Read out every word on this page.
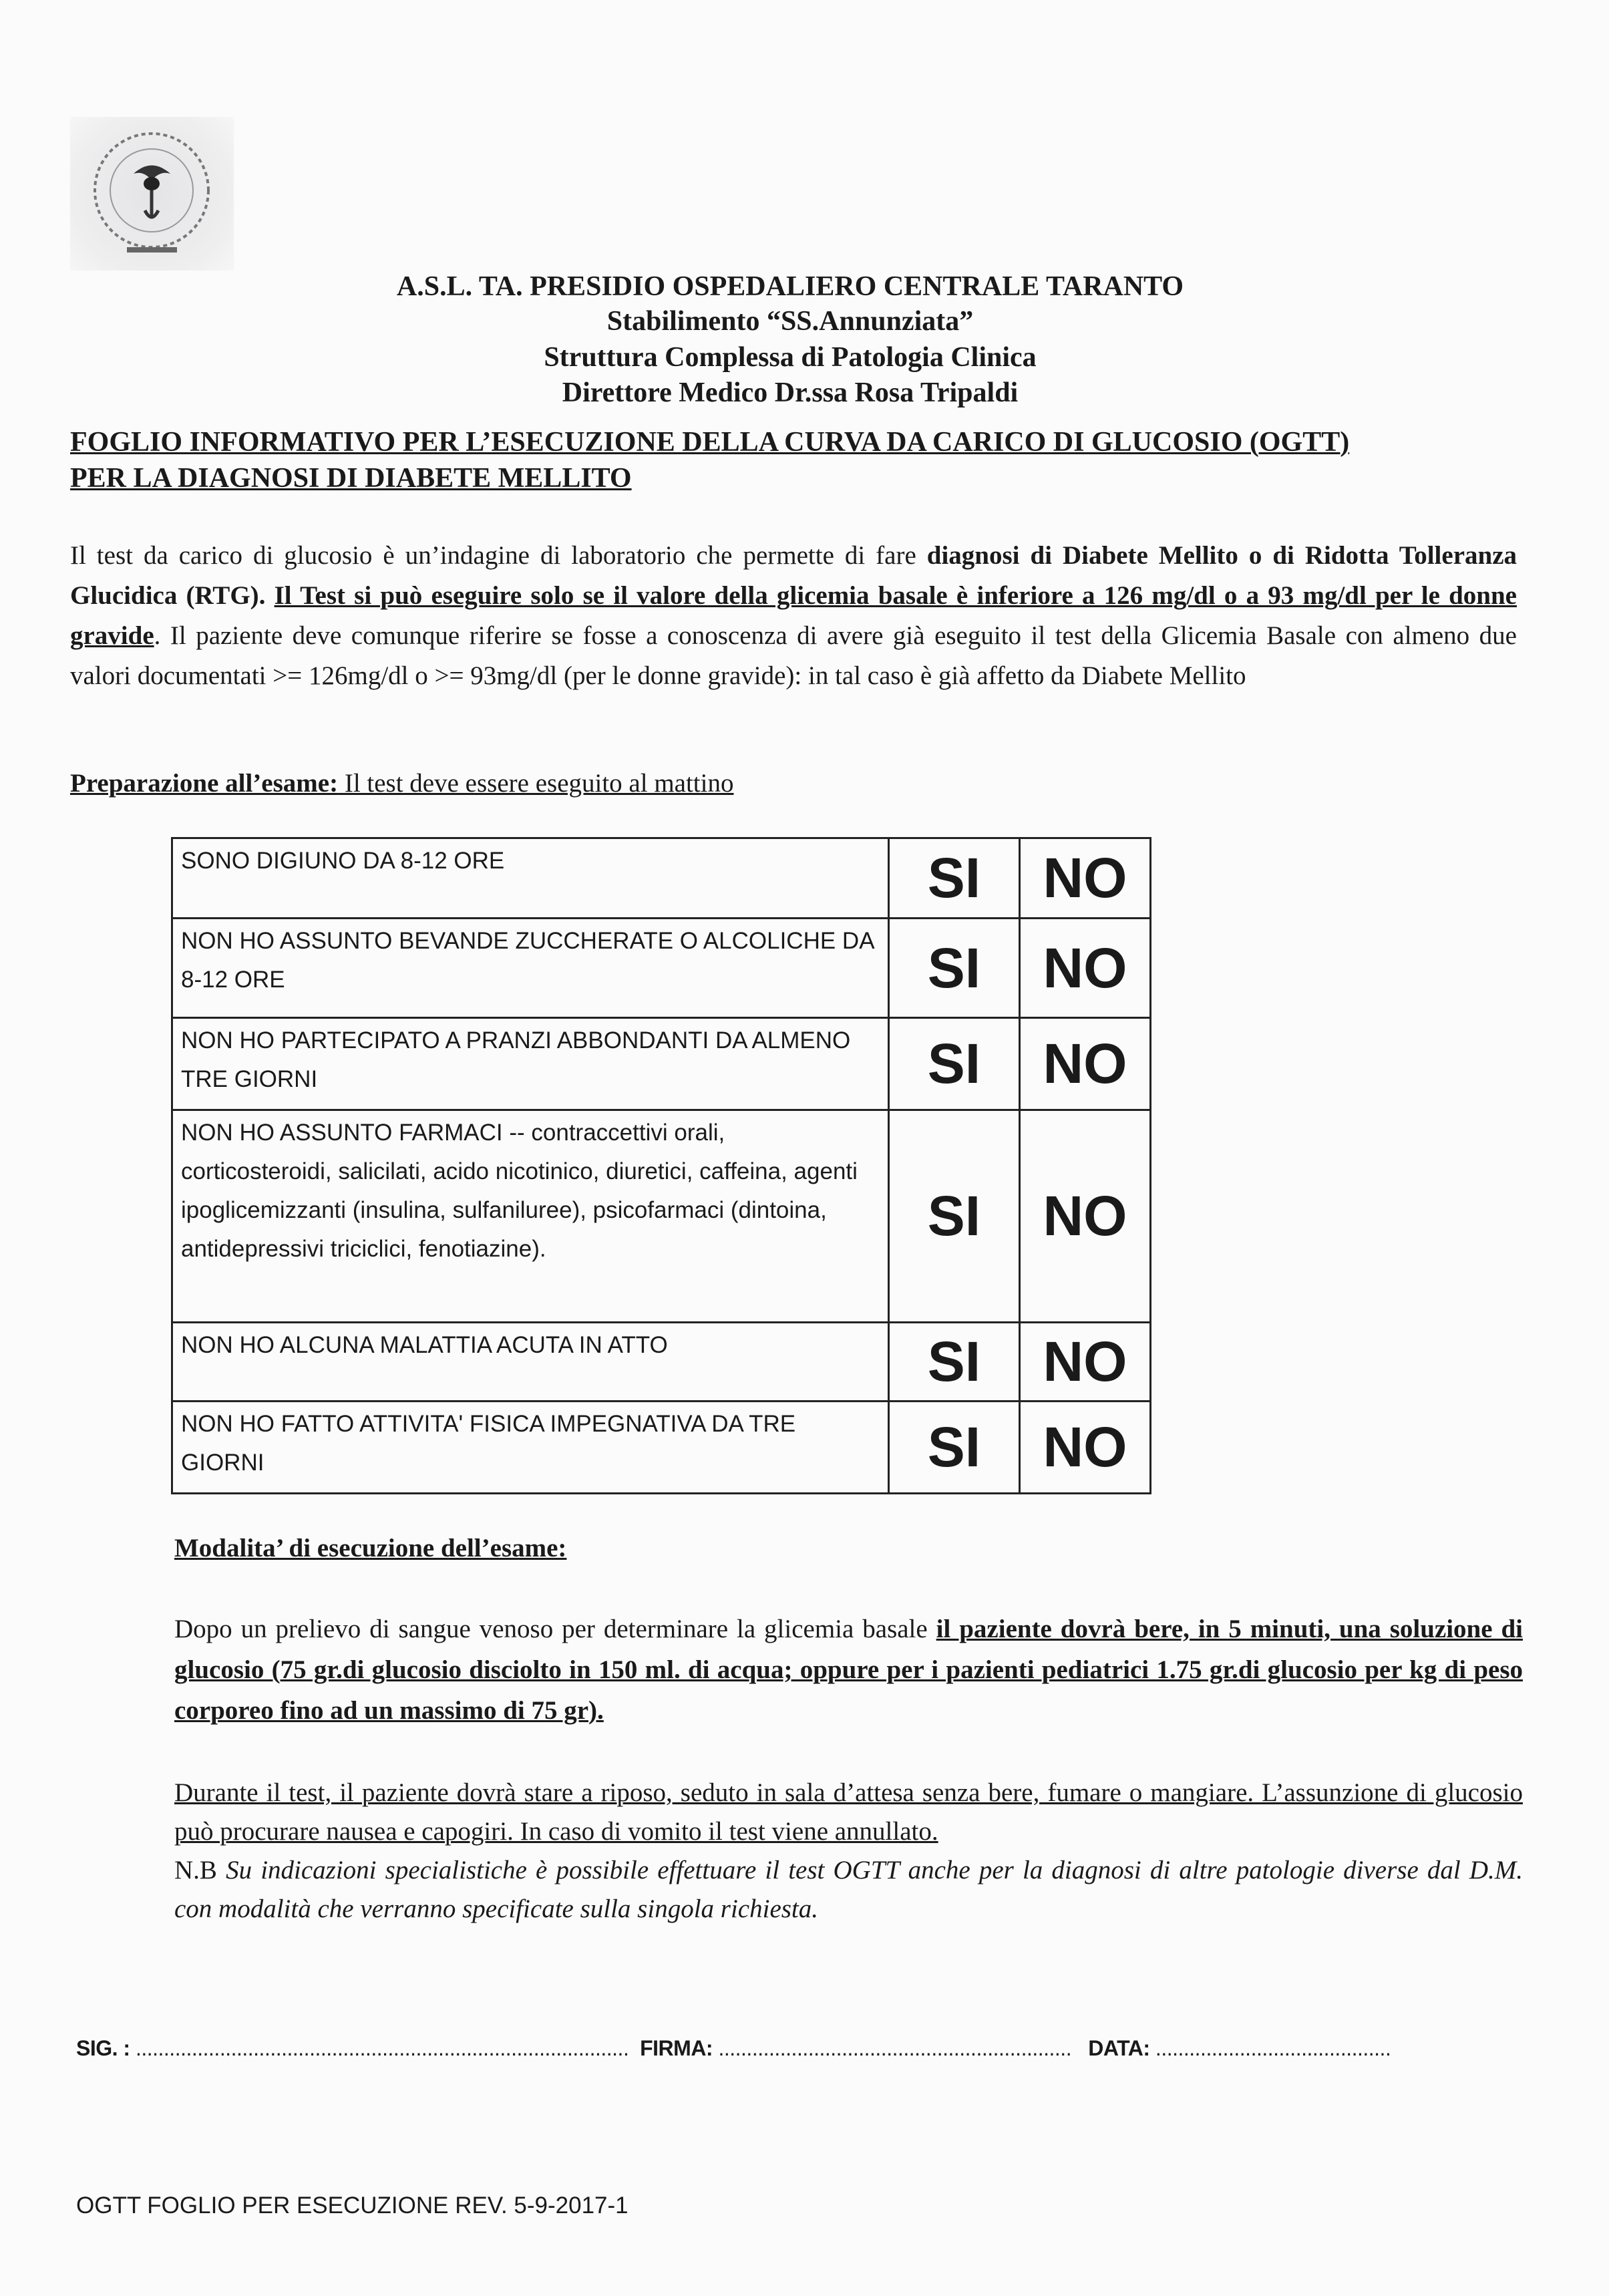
A.S.L. TA. PRESIDIO OSPEDALIERO CENTRALE TARANTO
Stabilimento “SS.Annunziata”
Struttura Complessa di Patologia Clinica
Direttore Medico Dr.ssa Rosa Tripaldi
FOGLIO INFORMATIVO PER L’ESECUZIONE DELLA CURVA DA CARICO DI GLUCOSIO (OGTT)
PER LA DIAGNOSI DI DIABETE MELLITO
Il test da carico di glucosio è un’indagine di laboratorio che permette di fare diagnosi di Diabete Mellito o di Ridotta Tolleranza Glucidica (RTG). Il Test si può eseguire solo se il valore della glicemia basale è inferiore a 126 mg/dl o a 93 mg/dl per le donne gravide. Il paziente deve comunque riferire se fosse a conoscenza di avere già eseguito il test della Glicemia Basale con almeno due valori documentati >= 126mg/dl o >= 93mg/dl (per le donne gravide): in tal caso è già affetto da Diabete Mellito
Preparazione all’esame: Il test deve essere eseguito al mattino
SONO DIGIUNO DA 8-12 ORE	SI	NO
NON HO ASSUNTO BEVANDE ZUCCHERATE O ALCOLICHE DA 8-12 ORE	SI	NO
NON HO PARTECIPATO A PRANZI ABBONDANTI DA ALMENO TRE GIORNI	SI	NO
NON HO ASSUNTO FARMACI -- contraccettivi orali, corticosteroidi, salicilati, acido nicotinico, diuretici, caffeina, agenti ipoglicemizzanti (insulina, sulfaniluree), psicofarmaci (dintoina, antidepressivi triciclici, fenotiazine).	SI	NO
NON HO ALCUNA MALATTIA ACUTA IN ATTO	SI	NO
NON HO FATTO ATTIVITA' FISICA IMPEGNATIVA DA TRE GIORNI	SI	NO
Modalita’ di esecuzione dell’esame:
Dopo un prelievo di sangue venoso per determinare la glicemia basale il paziente dovrà bere, in 5 minuti, una soluzione di glucosio (75 gr.di glucosio disciolto in 150 ml. di acqua; oppure per i pazienti pediatrici 1.75 gr.di glucosio per kg di peso corporeo fino ad un massimo di 75 gr).
Durante il test, il paziente dovrà stare a riposo, seduto in sala d’attesa senza bere, fumare o mangiare. L’assunzione di glucosio può procurare nausea e capogiri. In caso di vomito il test viene annullato.
N.B Su indicazioni specialistiche è possibile effettuare il test OGTT anche per la diagnosi di altre patologie diverse dal D.M. con modalità che verranno specificate sulla singola richiesta.
SIG. : ........................................................................................ FIRMA: ............................................................... DATA: ..........................................
OGTT FOGLIO PER ESECUZIONE REV. 5-9-2017-1
